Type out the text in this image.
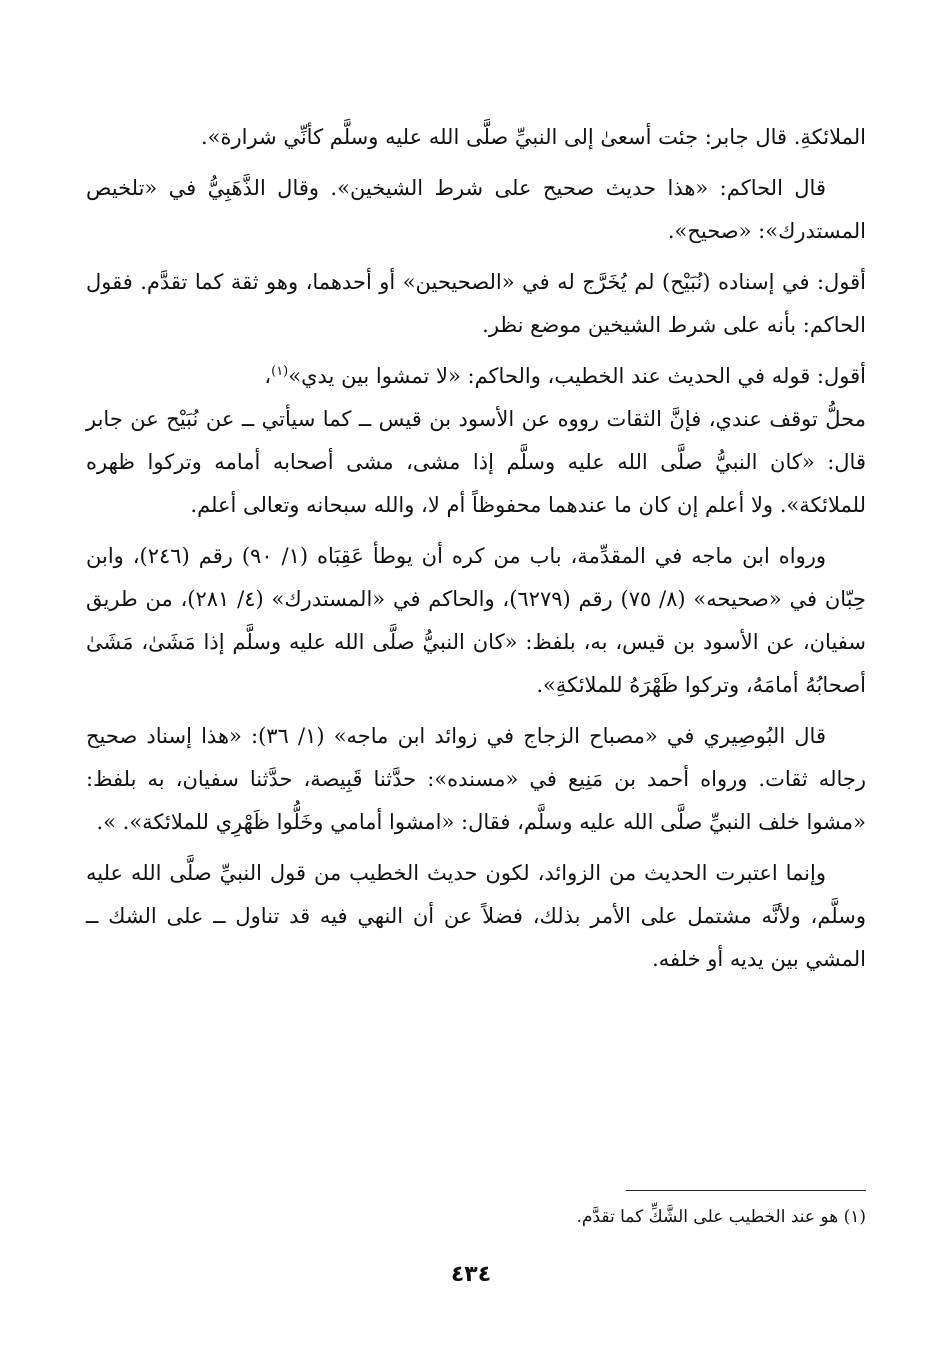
الملائكةِ. قال جابر: جئت أسعىٰ إلى النبيِّ صلَّى الله عليه وسلَّم كأنِّي شرارة».

قال الحاكم: «هذا حديث صحيح على شرط الشيخين». وقال الذَّهَبِيُّ في «تلخيص المستدرك»: «صحيح».

أقول: في إسناده (نُبَيْح) لم يُخَرَّج له في «الصحيحين» أو أحدهما، وهو ثقة كما تقدَّم. فقول الحاكم: بأنه على شرط الشيخين موضع نظر.

أقول: قوله في الحديث عند الخطيب، والحاكم: «لا تمشوا بين يدي»$^{(١)}$،

محلُّ توقف عندي، فإنَّ الثقات رووه عن الأسود بن قيس ــ كما سيأتي ــ عن نُبَيْح عن جابر قال: «كان النبيُّ صلَّى الله عليه وسلَّم إذا مشى، مشى أصحابه أمامه وتركوا ظهره للملائكة». ولا أعلم إن كان ما عندهما محفوظاً أم لا، والله سبحانه وتعالى أعلم.

ورواه ابن ماجه في المقدِّمة، باب من كره أن يوطأ عَقِبَاه (١/ ٩٠) رقم (٢٤٦)، وابن حِبّان في «صحيحه» (٨/ ٧٥) رقم (٦٢٧٩)، والحاكم في «المستدرك» (٤/ ٢٨١)، من طريق سفيان، عن الأسود بن قيس، به، بلفظ: «كان النبيُّ صلَّى الله عليه وسلَّم إذا مَشَىٰ، مَشَىٰ أصحابُهُ أمامَهُ، وتركوا ظَهْرَهُ للملائكةِ».

قال البُوصِيري في «مصباح الزجاج في زوائد ابن ماجه» (١/ ٣٦): «هذا إسناد صحيح رجاله ثقات. ورواه أحمد بن مَنِيع في «مسنده»: حدَّثنا قَبِيصة، حدَّثنا سفيان، به بلفظ: «مشوا خلف النبيِّ صلَّى الله عليه وسلَّم، فقال: «امشوا أمامي وخَلُّوا ظَهْرِي للملائكة». ».

وإنما اعتبرت الحديث من الزوائد، لكون حديث الخطيب من قول النبيِّ صلَّى الله عليه وسلَّم، ولأنَّه مشتمل على الأمر بذلك، فضلاً عن أن النهي فيه قد تناول ــ على الشك ــ المشي بين يديه أو خلفه.

(١) هو عند الخطيب على الشَّكِّ كما تقدَّم.
٤٣٤
